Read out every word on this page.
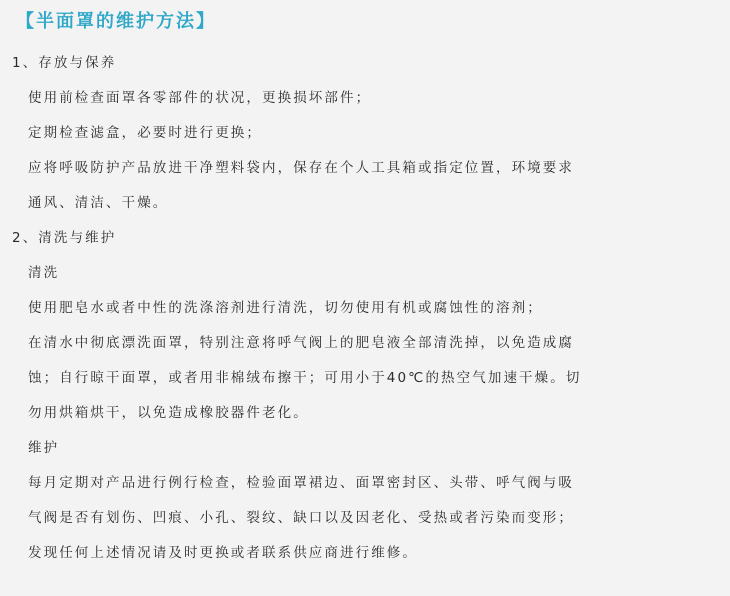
【半面罩的维护方法】
1、存放与保养
使用前检查面罩各零部件的状况，更换损坏部件；
定期检查滤盒，必要时进行更换；
应将呼吸防护产品放进干净塑料袋内，保存在个人工具箱或指定位置，环境要求
通风、清洁、干燥。
2、清洗与维护
清洗
使用肥皂水或者中性的洗涤溶剂进行清洗，切勿使用有机或腐蚀性的溶剂；
在清水中彻底漂洗面罩，特别注意将呼气阀上的肥皂液全部清洗掉，以免造成腐
蚀；自行晾干面罩，或者用非棉绒布擦干；可用小于40℃的热空气加速干燥。切
勿用烘箱烘干，以免造成橡胶器件老化。
维护
每月定期对产品进行例行检查，检验面罩裙边、面罩密封区、头带、呼气阀与吸
气阀是否有划伤、凹痕、小孔、裂纹、缺口以及因老化、受热或者污染而变形；
发现任何上述情况请及时更换或者联系供应商进行维修。
